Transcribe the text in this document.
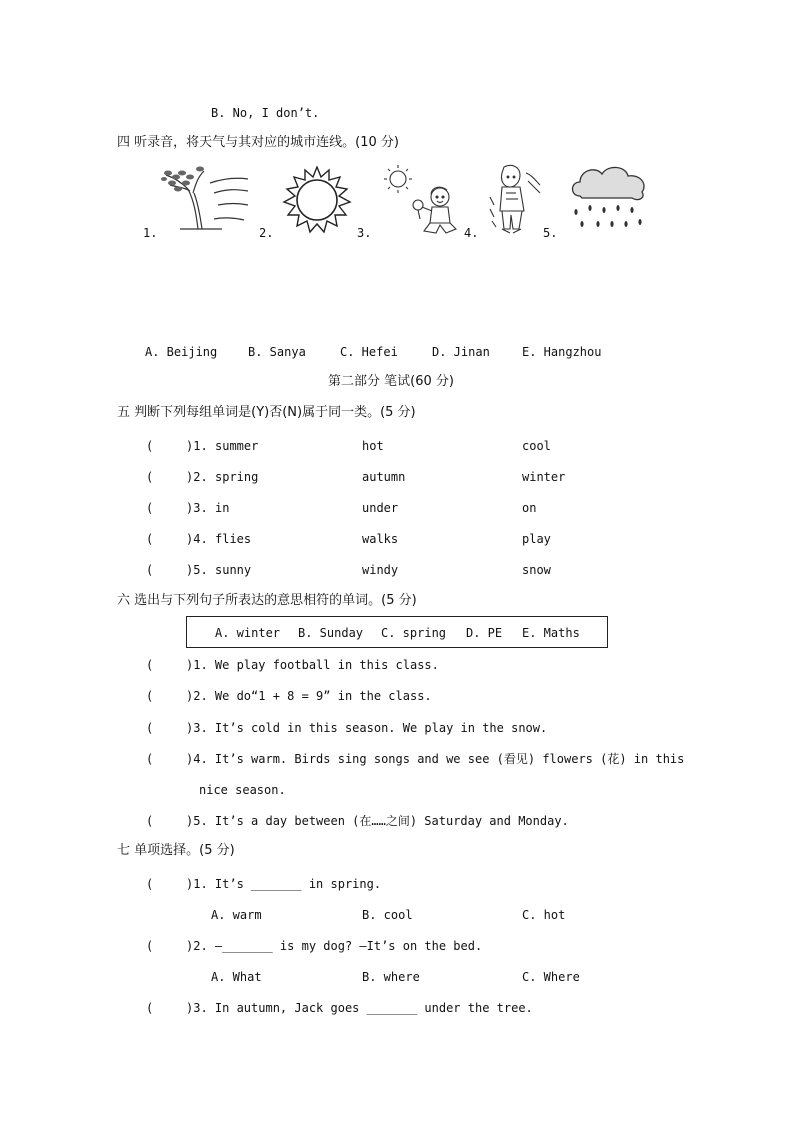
B. No, I don’t.
四 听录音，将天气与其对应的城市连线。(10 分)
1.	2.	3.	4.	5.
A. Beijing	B. Sanya	C. Hefei	D. Jinan	E. Hangzhou
第二部分 笔试(60 分)
五 判断下列每组单词是(Y)否(N)属于同一类。(5 分)
(	)1. summer	hot	cool
(	)2. spring	autumn	winter
(	)3. in	under	on
(	)4. flies	walks	play
(	)5. sunny	windy	snow
六 选出与下列句子所表达的意思相符的单词。(5 分)
A. winter B. Sunday C. spring D. PE E. Maths
(	)1. We play football in this class.
(	)2. We do“1 + 8 = 9” in the class.
(	)3. It’s cold in this season. We play in the snow.
(	)4. It’s warm. Birds sing songs and we see (看见) flowers (花) in this
nice season.
(	)5. It’s a day between (在……之间) Saturday and Monday.
七 单项选择。(5 分)
(	)1. It’s _______ in spring.
A. warm	B. cool	C. hot
(	)2. —_______ is my dog? —It’s on the bed.
A. What	B. where	C. Where
(	)3. In autumn, Jack goes _______ under the tree.
